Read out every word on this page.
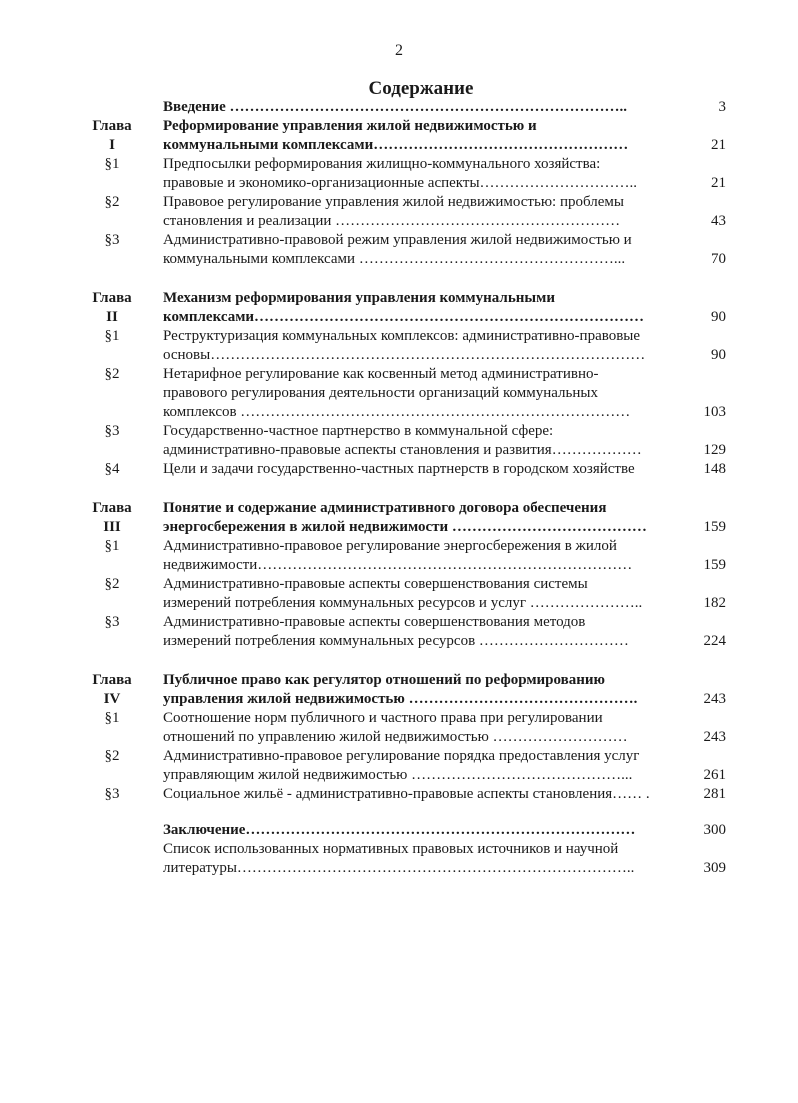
2
Содержание
Введение ……………………………………………………………………..	3
Глава	Реформирование управления жилой недвижимостью и
I	коммунальными комплексами……………………………………………	21
§1	Предпосылки реформирования жилищно-коммунального хозяйства:
правовые и экономико-организационные аспекты…………………………..	21
§2	Правовое регулирование управления жилой недвижимостью: проблемы
становления и реализации …………………………………………………	43
§3	Административно-правовой режим управления жилой недвижимостью и
коммунальными комплексами ……………………………………………...	70
Глава	Механизм реформирования управления коммунальными
II	комплексами……………………………………………………………………	90
§1	Реструктуризация коммунальных комплексов: административно-правовые
основы……………………………………………………………………………	90
§2	Нетарифное регулирование как косвенный метод административно-
правового регулирования деятельности организаций коммунальных
комплексов ……………………………………………………………………	103
§3	Государственно-частное партнерство в коммунальной сфере:
административно-правовые аспекты становления и развития………………	129
§4	Цели и задачи государственно-частных партнерств в городском хозяйстве	148
Глава	Понятие и содержание административного договора обеспечения
III	энергосбережения в жилой недвижимости …………………………………	159
§1	Административно-правовое регулирование энергосбережения в жилой
недвижимости…………………………………………………………………	159
§2	Административно-правовые аспекты совершенствования системы
измерений потребления коммунальных ресурсов и услуг …………………..	182
§3	Административно-правовые аспекты совершенствования методов
измерений потребления коммунальных ресурсов …………………………	224
Глава	Публичное право как регулятор отношений по реформированию
IV	управления жилой недвижимостью ……………………………………….	243
§1	Соотношение норм публичного и частного права при регулировании
отношений по управлению жилой недвижимостью ………………………	243
§2	Административно-правовое регулирование порядка предоставления услуг
управляющим жилой недвижимостью ……………………………………...	261
§3	Социальное жильё - административно-правовые аспекты становления…… .	281
Заключение……………………………………………………………………	300
Список использованных нормативных правовых источников и научной
литературы……………………………………………………………………..	309
